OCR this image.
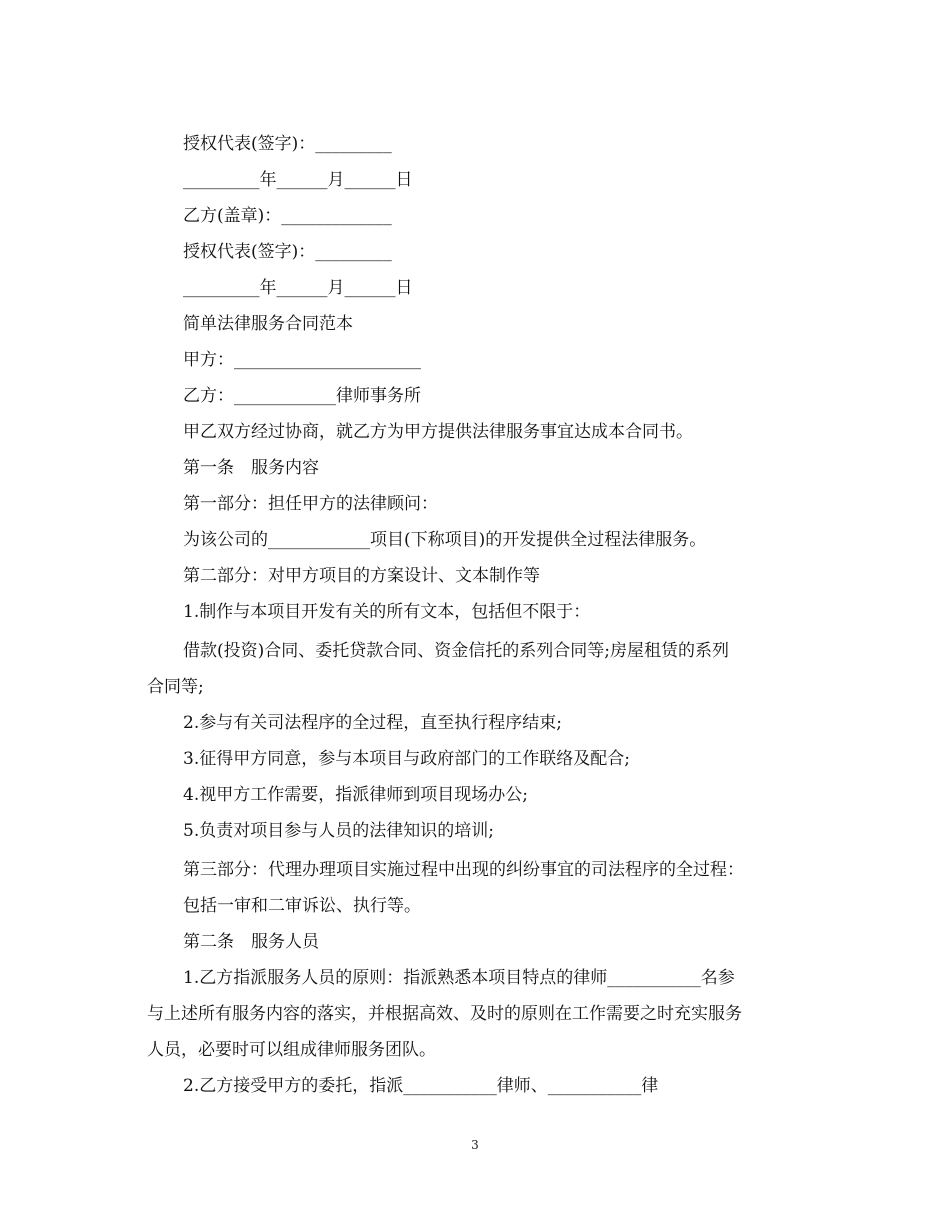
授权代表(签字)：_________
_________年______月______日
乙方(盖章)：_____________
授权代表(签字)：_________
_________年______月______日
简单法律服务合同范本
甲方：______________________
乙方：____________律师事务所
甲乙双方经过协商，就乙方为甲方提供法律服务事宜达成本合同书。
第一条　服务内容
第一部分：担任甲方的法律顾问：
为该公司的____________项目(下称项目)的开发提供全过程法律服务。
第二部分：对甲方项目的方案设计、文本制作等
1.制作与本项目开发有关的所有文本，包括但不限于：
借款(投资)合同、委托贷款合同、资金信托的系列合同等;房屋租赁的系列
合同等;
2.参与有关司法程序的全过程，直至执行程序结束;
3.征得甲方同意，参与本项目与政府部门的工作联络及配合;
4.视甲方工作需要，指派律师到项目现场办公;
5.负责对项目参与人员的法律知识的培训;
第三部分：代理办理项目实施过程中出现的纠纷事宜的司法程序的全过程：
包括一审和二审诉讼、执行等。
第二条　服务人员
1.乙方指派服务人员的原则：指派熟悉本项目特点的律师___________名参
与上述所有服务内容的落实，并根据高效、及时的原则在工作需要之时充实服务
人员，必要时可以组成律师服务团队。
2.乙方接受甲方的委托，指派___________律师、___________律
3
